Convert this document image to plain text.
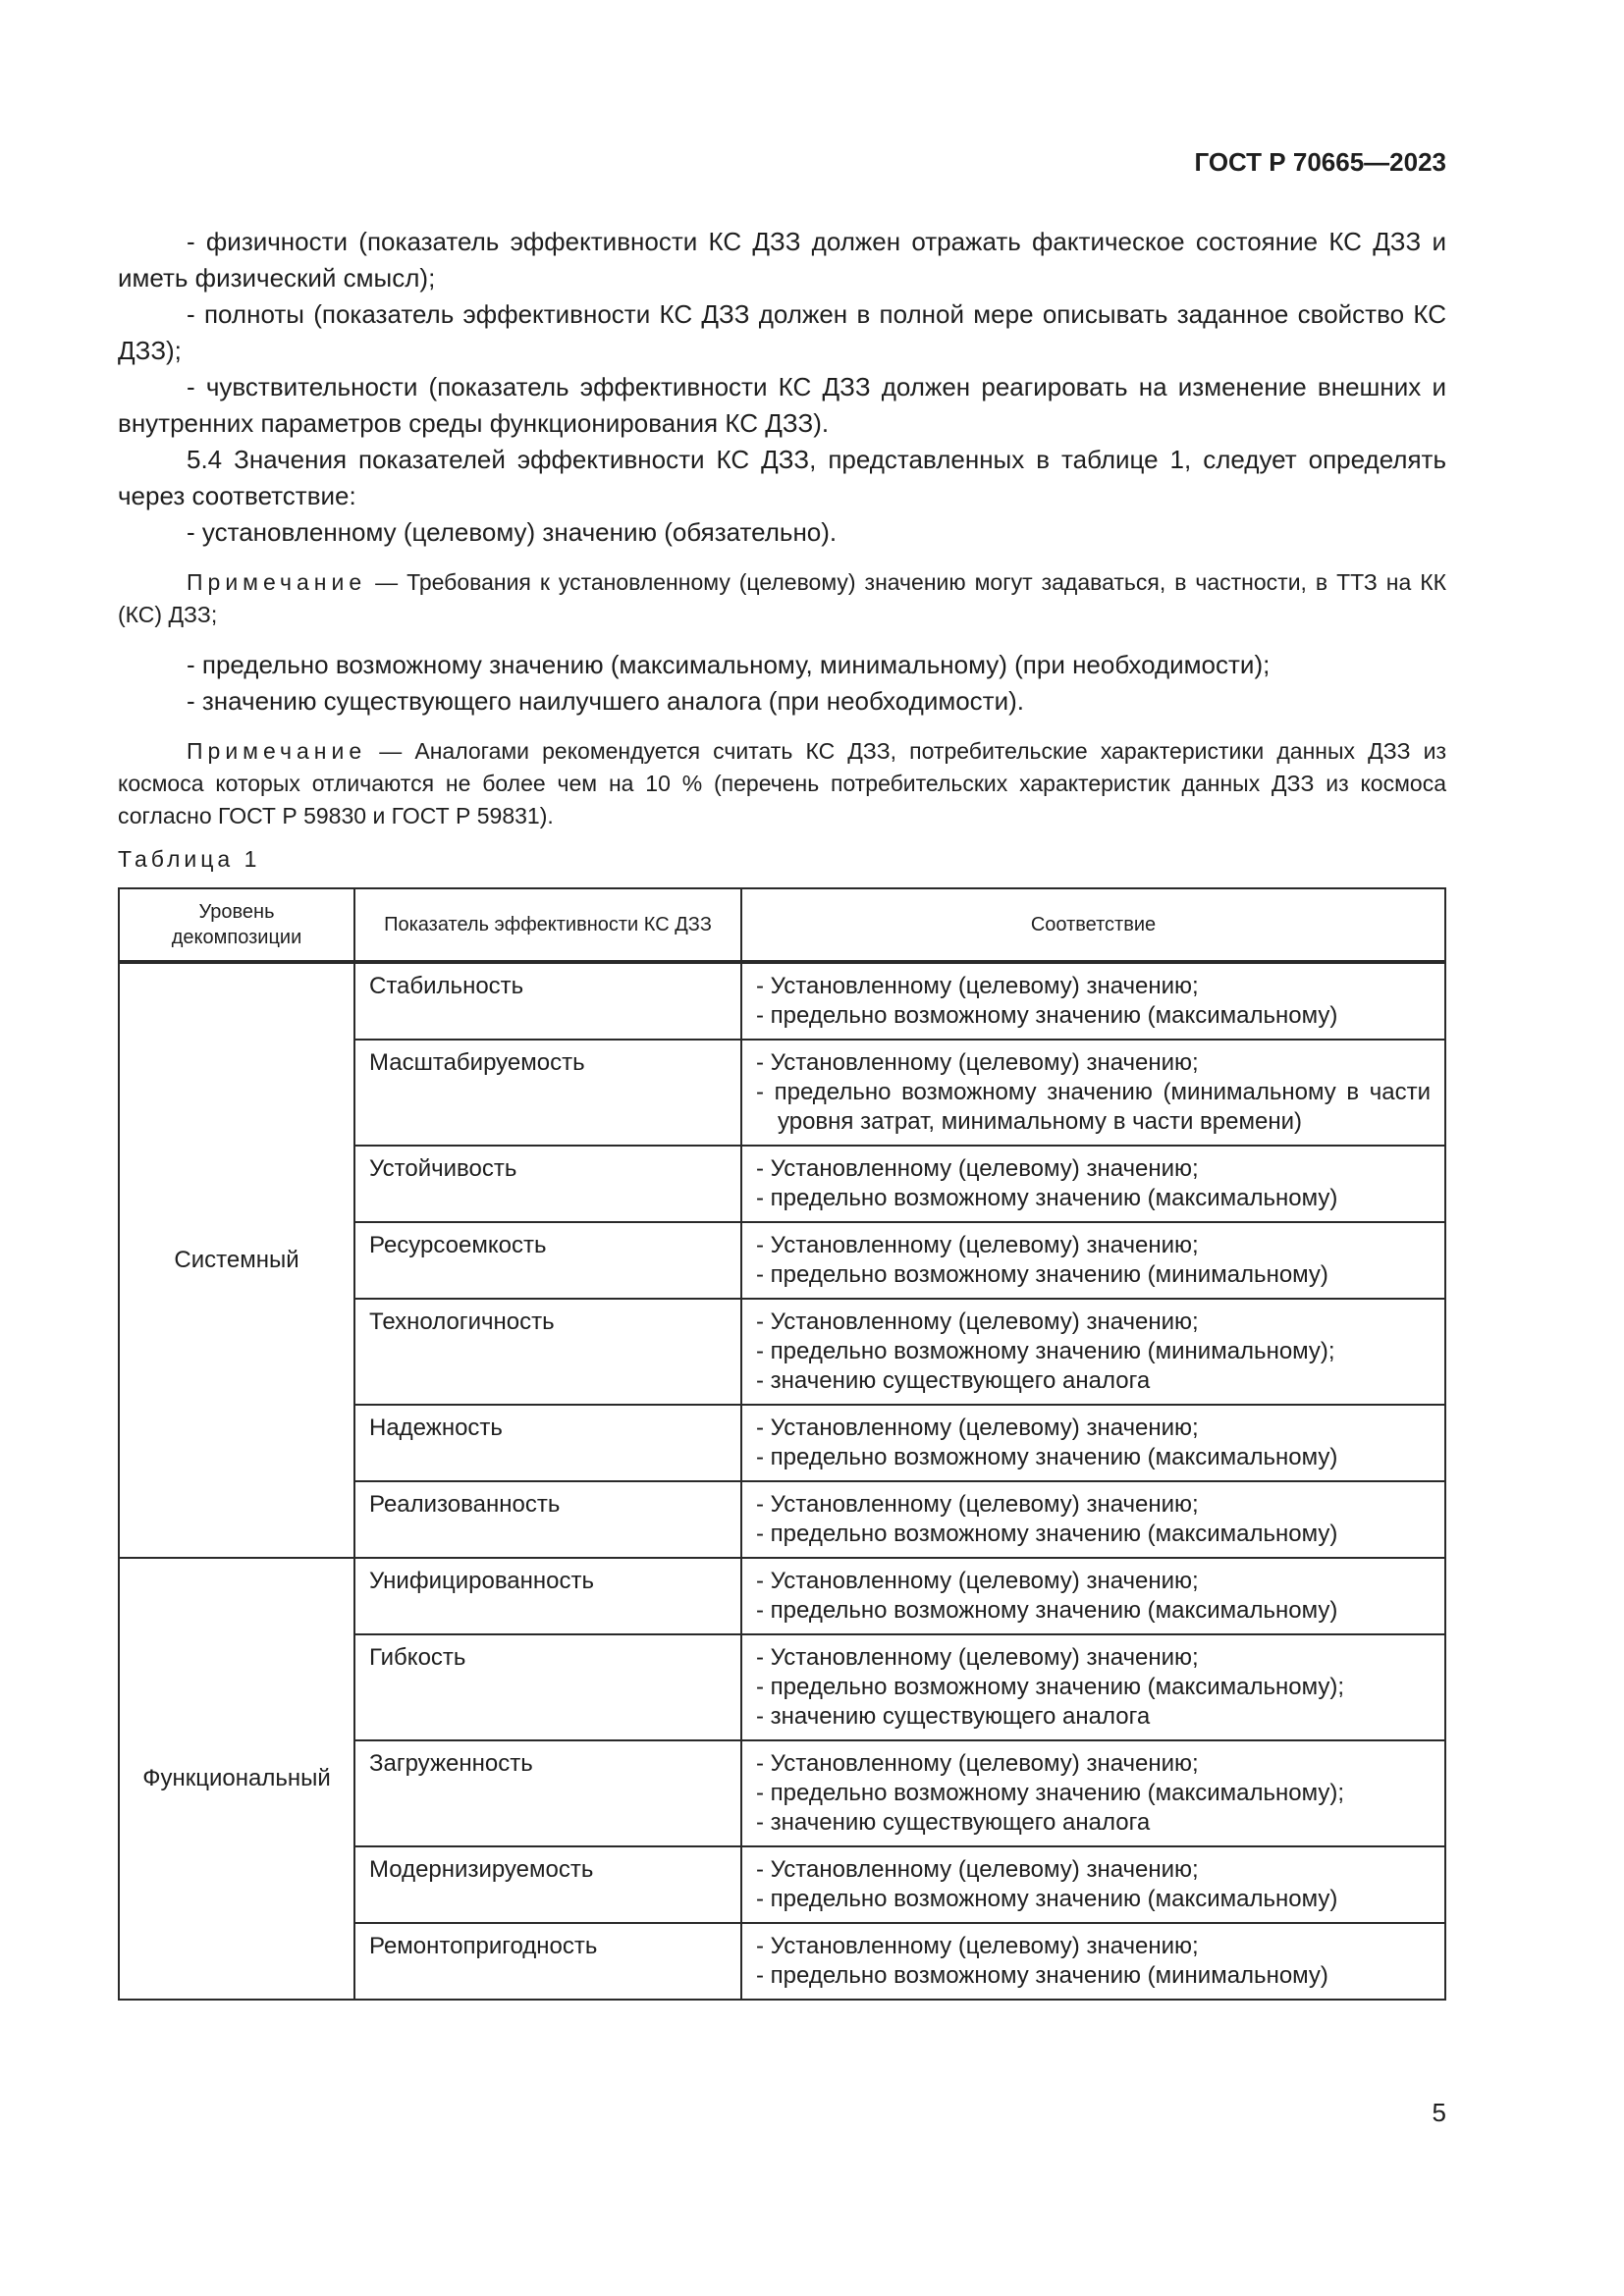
ГОСТ Р 70665—2023

- физичности (показатель эффективности КС ДЗЗ должен отражать фактическое состояние КС ДЗЗ и иметь физический смысл);

- полноты (показатель эффективности КС ДЗЗ должен в полной мере описывать заданное свойство КС ДЗЗ);

- чувствительности (показатель эффективности КС ДЗЗ должен реагировать на изменение внешних и внутренних параметров среды функционирования КС ДЗЗ).

5.4 Значения показателей эффективности КС ДЗЗ, представленных в таблице 1, следует определять через соответствие:

- установленному (целевому) значению (обязательно).

Примечание — Требования к установленному (целевому) значению могут задаваться, в частности, в ТТЗ на КК (КС) ДЗЗ;

- предельно возможному значению (максимальному, минимальному) (при необходимости);

- значению существующего наилучшего аналога (при необходимости).

Примечание — Аналогами рекомендуется считать КС ДЗЗ, потребительские характеристики данных ДЗЗ из космоса которых отличаются не более чем на 10 % (перечень потребительских характеристик данных ДЗЗ из космоса согласно ГОСТ Р 59830 и ГОСТ Р 59831).

Таблица 1
Уровень декомпозиции	Показатель эффективности КС ДЗЗ	Соответствие
Системный	Стабильность	- Установленному (целевому) значению;
- предельно возможному значению (максимальному)

	Масштабируемость	- Установленному (целевому) значению;
- предельно возможному значению (минимальному в части уровня затрат, минимальному в части времени)

	Устойчивость	- Установленному (целевому) значению;
- предельно возможному значению (максимальному)

	Ресурсоемкость	- Установленному (целевому) значению;
- предельно возможному значению (минимальному)

	Технологичность	- Установленному (целевому) значению;
- предельно возможному значению (минимальному);
- значению существующего аналога

	Надежность	- Установленному (целевому) значению;
- предельно возможному значению (максимальному)

	Реализованность	- Установленному (целевому) значению;
- предельно возможному значению (максимальному)

Функциональный	Унифицированность	- Установленному (целевому) значению;
- предельно возможному значению (максимальному)

	Гибкость	- Установленному (целевому) значению;
- предельно возможному значению (максимальному);
- значению существующего аналога

	Загруженность	- Установленному (целевому) значению;
- предельно возможному значению (максимальному);
- значению существующего аналога

	Модернизируемость	- Установленному (целевому) значению;
- предельно возможному значению (максимальному)

	Ремонтопригодность	- Установленному (целевому) значению;
- предельно возможному значению (минимальному)
5
